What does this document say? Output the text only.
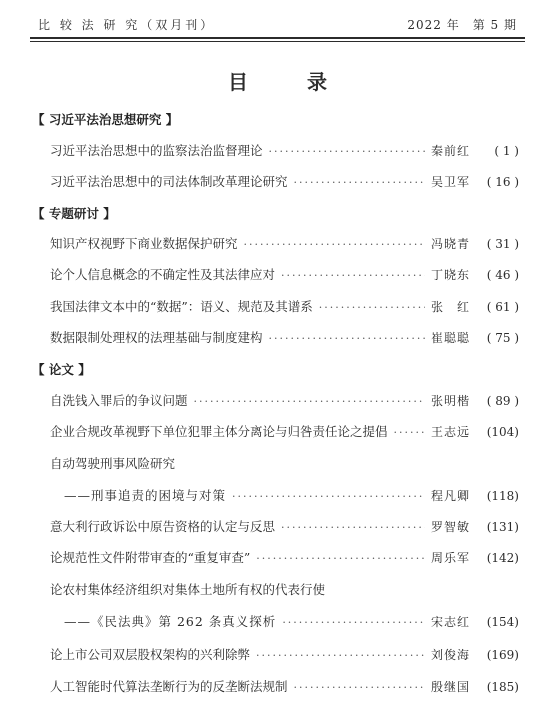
比 较 法 研 究（双月刊）	2022 年　第 5 期
目 录
【 习近平法治思想研究 】
习近平法治思想中的监察法治监督理论 ·····	秦前红	( 1 )
习近平法治思想中的司法体制改革理论研究 ·····	吴卫军	( 16 )
【 专题研讨 】
知识产权视野下商业数据保护研究 ·····	冯晓青	( 31 )
论个人信息概念的不确定性及其法律应对 ·····	丁晓东	( 46 )
我国法律文本中的“数据”：语义、规范及其谱系 ·····	张　红	( 61 )
数据限制处理权的法理基础与制度建构 ·····	崔聪聪	( 75 )
【 论文 】
自洗钱入罪后的争议问题 ·····	张明楷	( 89 )
企业合规改革视野下单位犯罪主体分离论与归咎责任论之提倡 ·····	王志远	(104)
自动驾驶刑事风险研究
——刑事追责的困境与对策 ·····	程凡卿	(118)
意大利行政诉讼中原告资格的认定与反思 ·····	罗智敏	(131)
论规范性文件附带审查的“重复审查” ·····	周乐军	(142)
论农村集体经济组织对集体土地所有权的代表行使
——《民法典》第 262 条真义探析 ·····	宋志红	(154)
论上市公司双层股权架构的兴利除弊 ·····	刘俊海	(169)
人工智能时代算法垄断行为的反垄断法规制 ·····	殷继国	(185)
